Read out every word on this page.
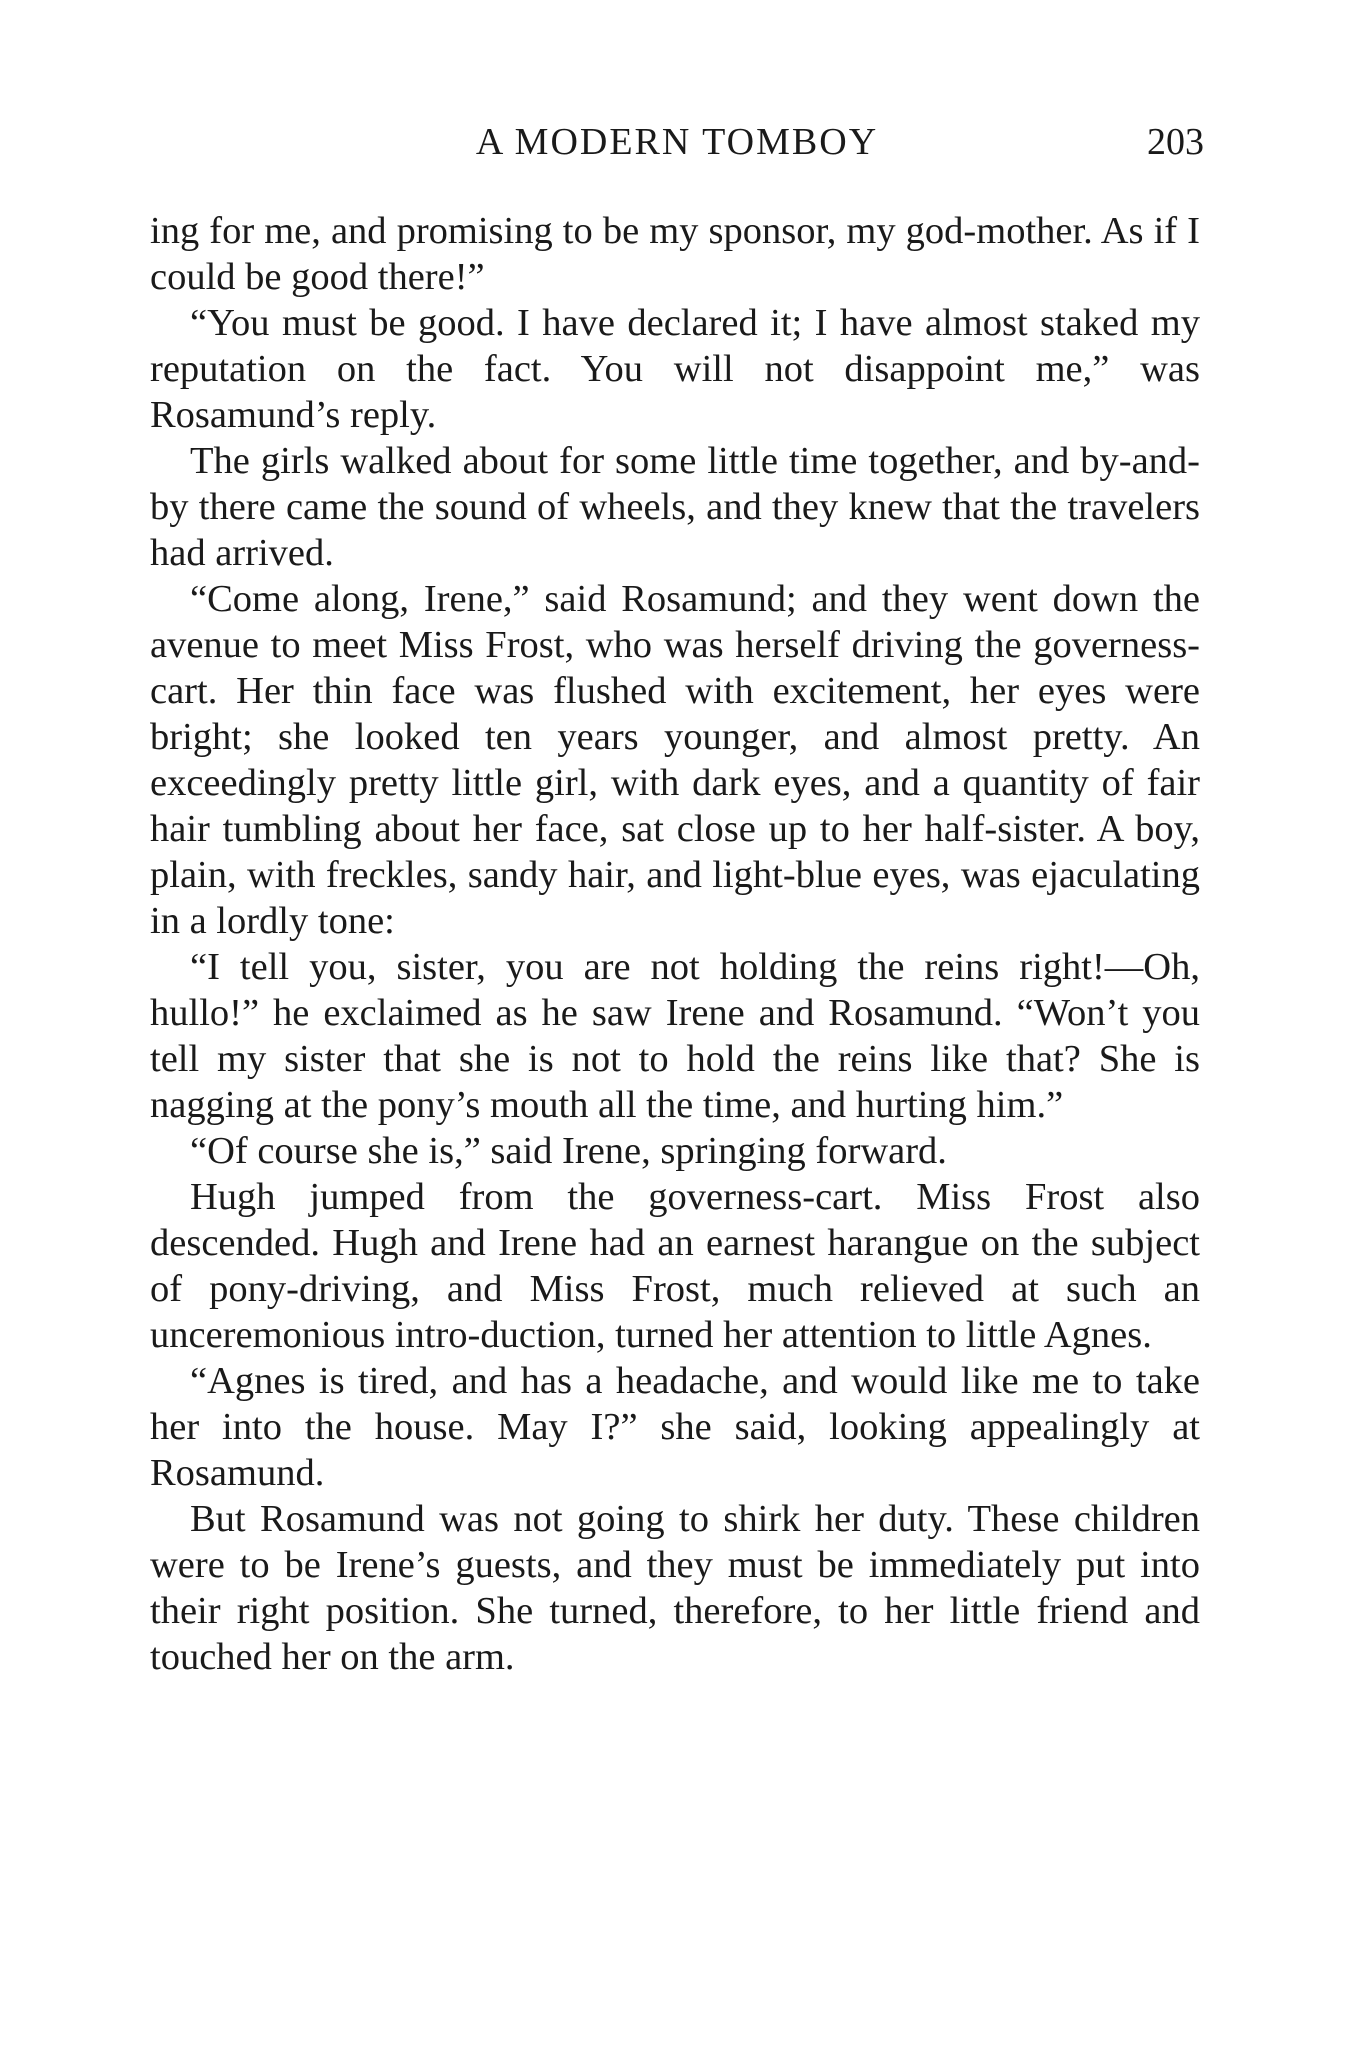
A MODERN TOMBOY	203

ing for me, and promising to be my sponsor, my god-mother. As if I could be good there!”

“You must be good. I have declared it; I have almost staked my reputation on the fact. You will not disappoint me,” was Rosamund’s reply.

The girls walked about for some little time together, and by-and-by there came the sound of wheels, and they knew that the travelers had arrived.

“Come along, Irene,” said Rosamund; and they went down the avenue to meet Miss Frost, who was herself driving the governess-cart. Her thin face was flushed with excitement, her eyes were bright; she looked ten years younger, and almost pretty. An exceedingly pretty little girl, with dark eyes, and a quantity of fair hair tumbling about her face, sat close up to her half-sister. A boy, plain, with freckles, sandy hair, and light-blue eyes, was ejaculating in a lordly tone:

“I tell you, sister, you are not holding the reins right!—Oh, hullo!” he exclaimed as he saw Irene and Rosamund. “Won’t you tell my sister that she is not to hold the reins like that? She is nagging at the pony’s mouth all the time, and hurting him.”

“Of course she is,” said Irene, springing forward.

Hugh jumped from the governess-cart. Miss Frost also descended. Hugh and Irene had an earnest harangue on the subject of pony-driving, and Miss Frost, much relieved at such an unceremonious intro-duction, turned her attention to little Agnes.

“Agnes is tired, and has a headache, and would like me to take her into the house. May I?” she said, looking appealingly at Rosamund.

But Rosamund was not going to shirk her duty. These children were to be Irene’s guests, and they must be immediately put into their right position. She turned, therefore, to her little friend and touched her on the arm.
